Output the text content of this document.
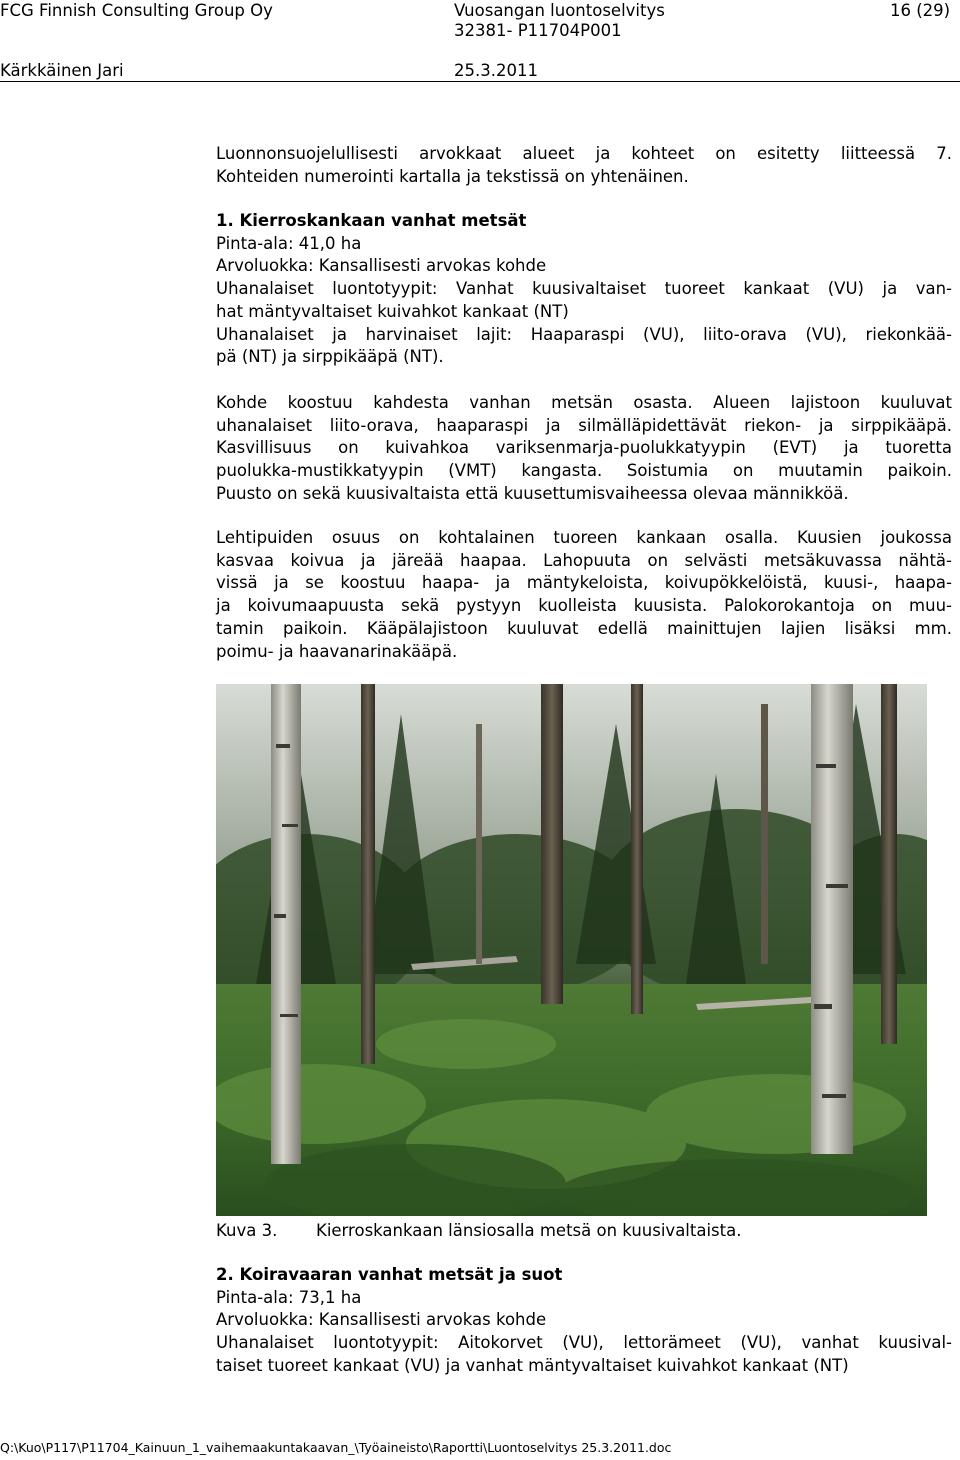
FCG Finnish Consulting Group Oy	Vuosangan luontoselvitys
32381- P11704P001
16 (29)
Kärkkäinen Jari	25.3.2011

Luonnonsuojelullisesti arvokkaat alueet ja kohteet on esitetty liitteessä 7.

Kohteiden numerointi kartalla ja tekstissä on yhtenäinen.

1. Kierroskankaan vanhat metsät

Pinta-ala: 41,0 ha

Arvoluokka: Kansallisesti arvokas kohde

Uhanalaiset luontotyypit: Vanhat kuusivaltaiset tuoreet kankaat (VU) ja van-

hat mäntyvaltaiset kuivahkot kankaat (NT)

Uhanalaiset ja harvinaiset lajit: Haaparaspi (VU), liito-orava (VU), riekonkää-

pä (NT) ja sirppikääpä (NT).

Kohde koostuu kahdesta vanhan metsän osasta. Alueen lajistoon kuuluvat

uhanalaiset liito-orava, haaparaspi ja silmälläpidettävät riekon- ja sirppikääpä.

Kasvillisuus on kuivahkoa variksenmarja-puolukkatyypin (EVT) ja tuoretta

puolukka-mustikkatyypin (VMT) kangasta. Soistumia on muutamin paikoin.

Puusto on sekä kuusivaltaista että kuusettumisvaiheessa olevaa männikköä.

Lehtipuiden osuus on kohtalainen tuoreen kankaan osalla. Kuusien joukossa

kasvaa koivua ja järeää haapaa. Lahopuuta on selvästi metsäkuvassa nähtä-

vissä ja se koostuu haapa- ja mäntykeloista, koivupökkelöistä, kuusi-, haapa-

ja koivumaapuusta sekä pystyyn kuolleista kuusista. Palokorokantoja on muu-

tamin paikoin. Kääpälajistoon kuuluvat edellä mainittujen lajien lisäksi mm.

poimu- ja haavanarinakääpä.

Kuva 3. Kierroskankaan länsiosalla metsä on kuusivaltaista.

2. Koiravaaran vanhat metsät ja suot

Pinta-ala: 73,1 ha

Arvoluokka: Kansallisesti arvokas kohde

Uhanalaiset luontotyypit: Aitokorvet (VU), lettorämeet (VU), vanhat kuusival-

taiset tuoreet kankaat (VU) ja vanhat mäntyvaltaiset kuivahkot kankaat (NT)

Q:\Kuo\P117\P11704_Kainuun_1_vaihemaakuntakaavan_\Työaineisto\Raportti\Luontoselvitys 25.3.2011.doc
